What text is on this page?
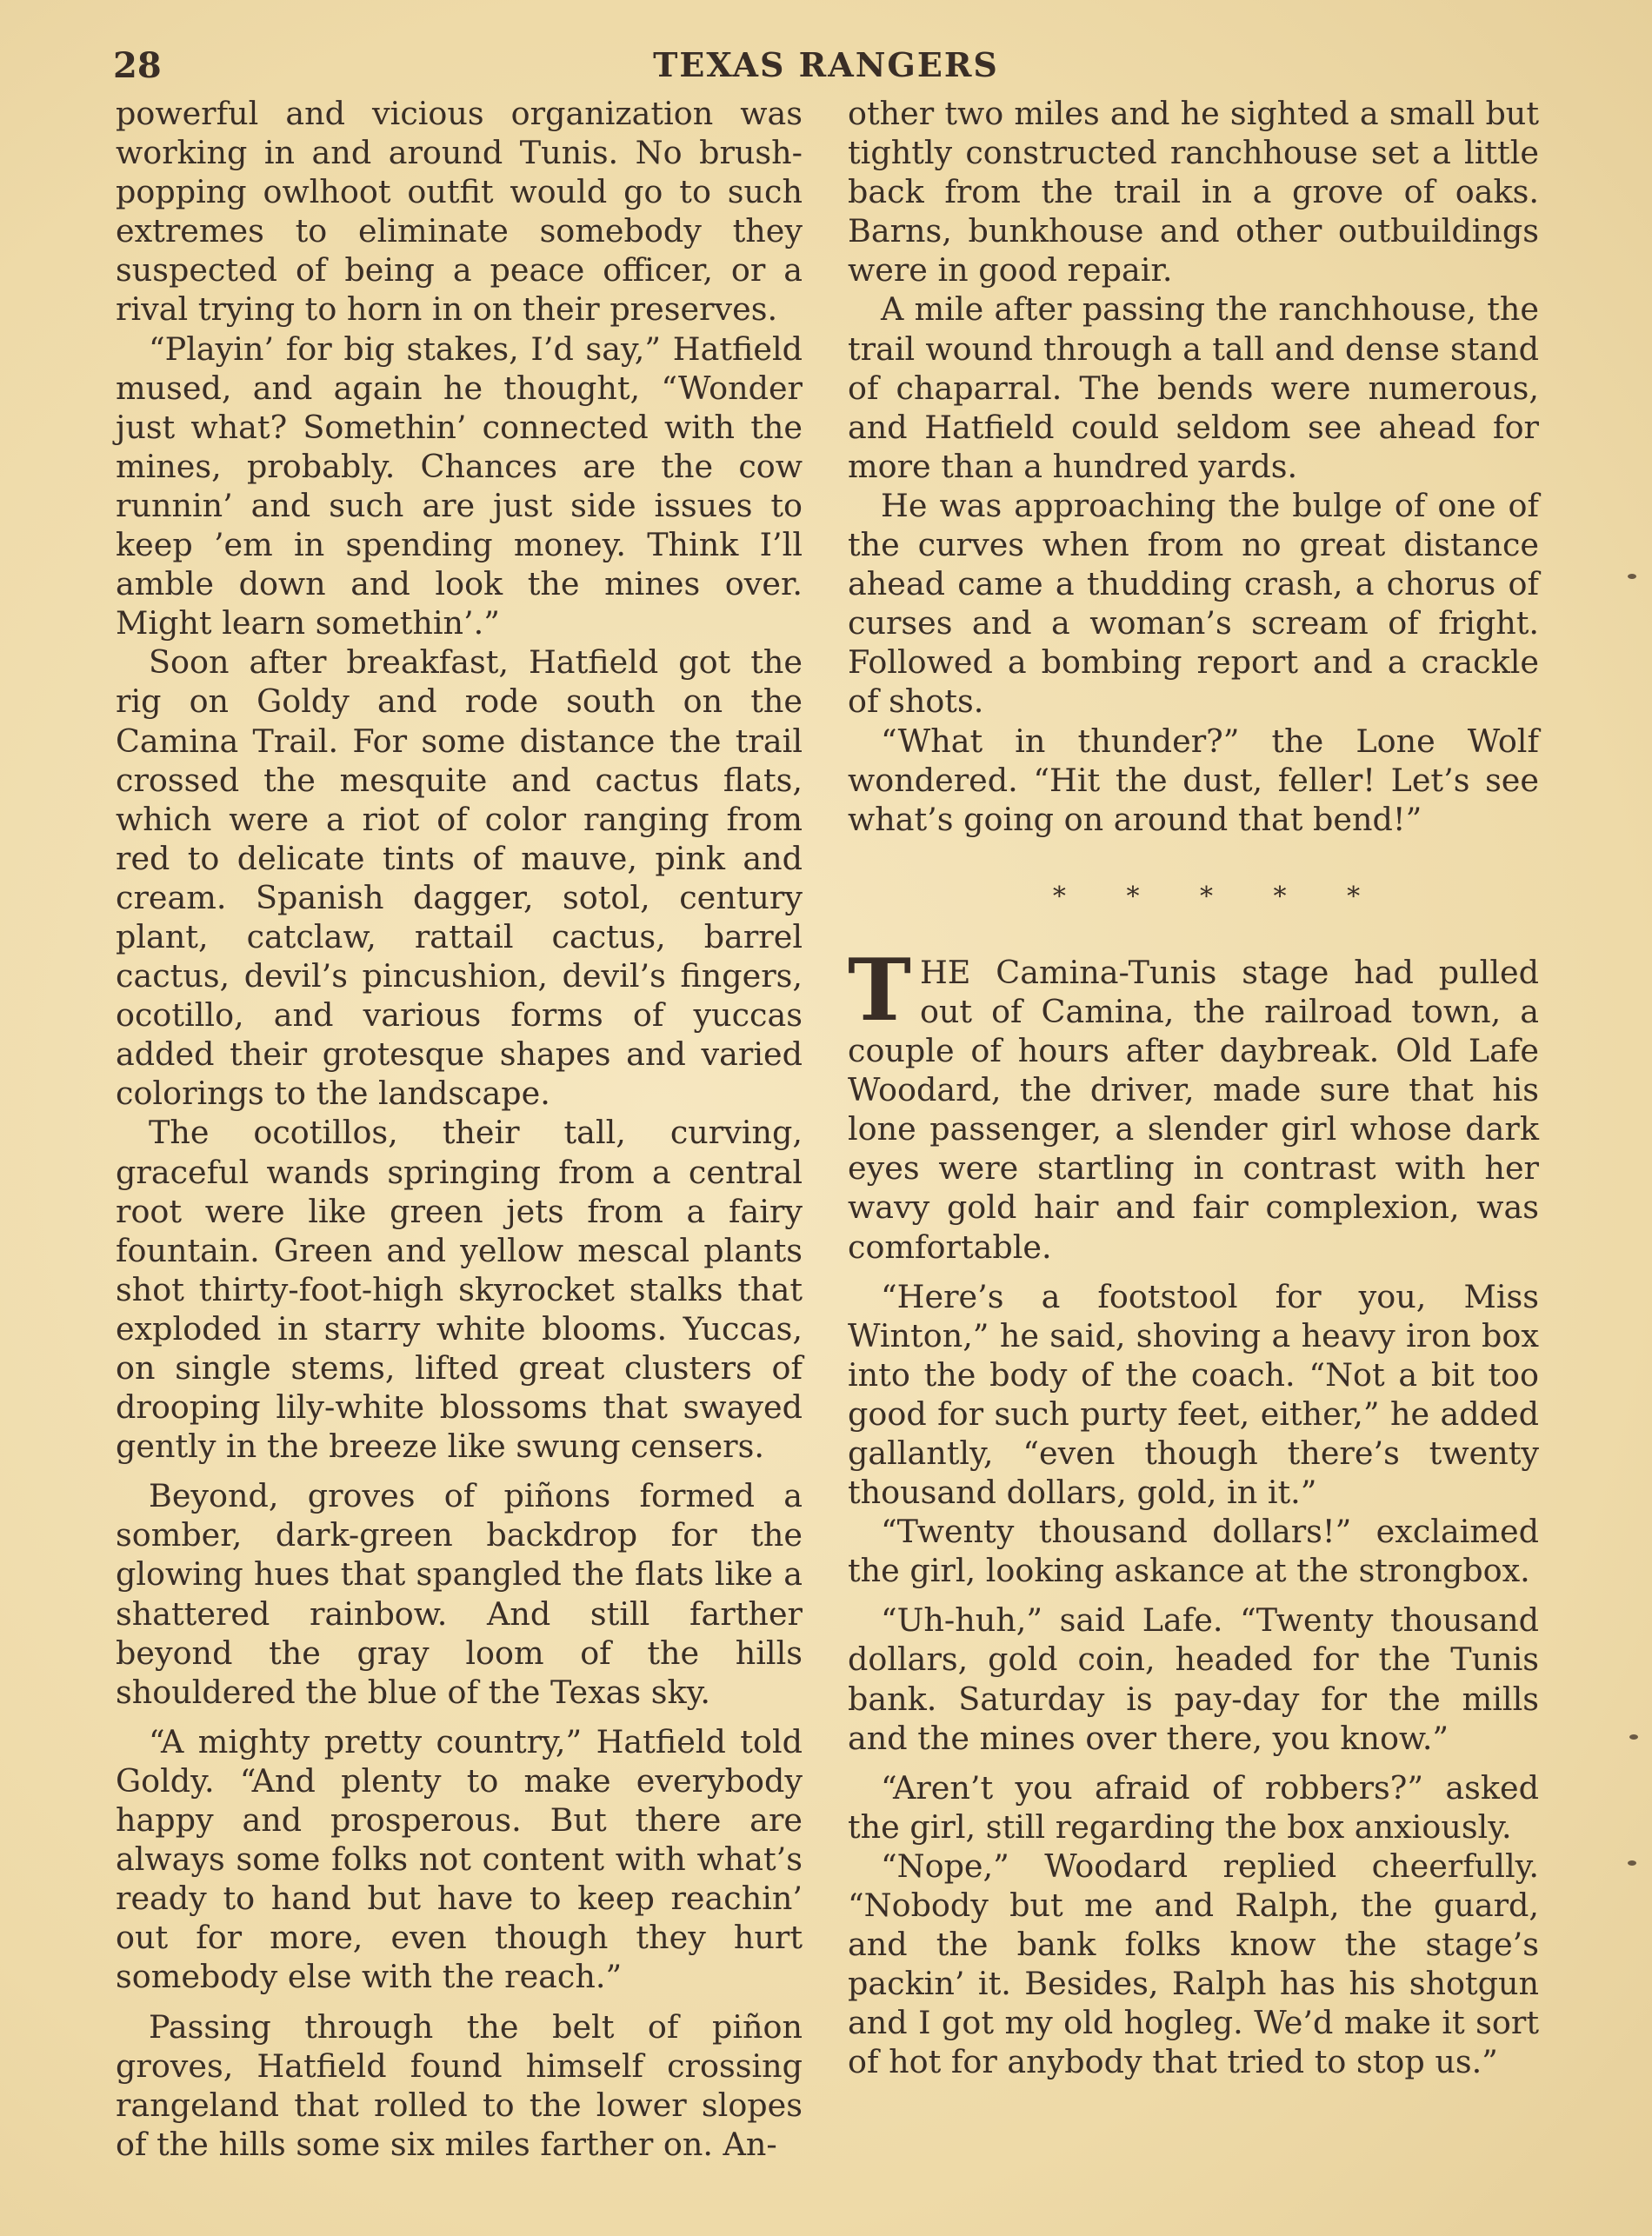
28	TEXAS RANGERS

powerful and vicious organization was working in and around Tunis. No brush-popping owlhoot outfit would go to such extremes to eliminate somebody they suspected of being a peace officer, or a rival trying to horn in on their preserves.

“Playin’ for big stakes, I’d say,” Hatfield mused, and again he thought, “Wonder just what? Somethin’ connected with the mines, probably. Chances are the cow runnin’ and such are just side issues to keep ’em in spending money. Think I’ll amble down and look the mines over. Might learn somethin’.”

Soon after breakfast, Hatfield got the rig on Goldy and rode south on the Camina Trail. For some distance the trail crossed the mesquite and cactus flats, which were a riot of color ranging from red to delicate tints of mauve, pink and cream. Spanish dagger, sotol, century plant, catclaw, rattail cactus, barrel cactus, devil’s pincushion, devil’s fingers, ocotillo, and various forms of yuccas added their grotesque shapes and varied colorings to the landscape.

The ocotillos, their tall, curving, graceful wands springing from a central root were like green jets from a fairy fountain. Green and yellow mescal plants shot thirty-foot-high skyrocket stalks that exploded in starry white blooms. Yuccas, on single stems, lifted great clusters of drooping lily-white blossoms that swayed gently in the breeze like swung censers.

Beyond, groves of piñons formed a somber, dark-green backdrop for the glowing hues that spangled the flats like a shattered rainbow. And still farther beyond the gray loom of the hills shouldered the blue of the Texas sky.

“A mighty pretty country,” Hatfield told Goldy. “And plenty to make everybody happy and prosperous. But there are always some folks not content with what’s ready to hand but have to keep reachin’ out for more, even though they hurt somebody else with the reach.”

Passing through the belt of piñon groves, Hatfield found himself crossing rangeland that rolled to the lower slopes of the hills some six miles farther on. An-

other two miles and he sighted a small but tightly constructed ranchhouse set a little back from the trail in a grove of oaks. Barns, bunkhouse and other outbuildings were in good repair.

A mile after passing the ranchhouse, the trail wound through a tall and dense stand of chaparral. The bends were numerous, and Hatfield could seldom see ahead for more than a hundred yards.

He was approaching the bulge of one of the curves when from no great distance ahead came a thudding crash, a chorus of curses and a woman’s scream of fright. Followed a bombing report and a crackle of shots.

“What in thunder?” the Lone Wolf wondered. “Hit the dust, feller! Let’s see what’s going on around that bend!”

* * * * *

THE Camina-Tunis stage had pulled out of Camina, the railroad town, a couple of hours after daybreak. Old Lafe Woodard, the driver, made sure that his lone passenger, a slender girl whose dark eyes were startling in contrast with her wavy gold hair and fair complexion, was comfortable.

“Here’s a footstool for you, Miss Winton,” he said, shoving a heavy iron box into the body of the coach. “Not a bit too good for such purty feet, either,” he added gallantly, “even though there’s twenty thousand dollars, gold, in it.”

“Twenty thousand dollars!” exclaimed the girl, looking askance at the strongbox.

“Uh-huh,” said Lafe. “Twenty thousand dollars, gold coin, headed for the Tunis bank. Saturday is pay-day for the mills and the mines over there, you know.”

“Aren’t you afraid of robbers?” asked the girl, still regarding the box anxiously.

“Nope,” Woodard replied cheerfully. “Nobody but me and Ralph, the guard, and the bank folks know the stage’s packin’ it. Besides, Ralph has his shotgun and I got my old hogleg. We’d make it sort of hot for anybody that tried to stop us.”
